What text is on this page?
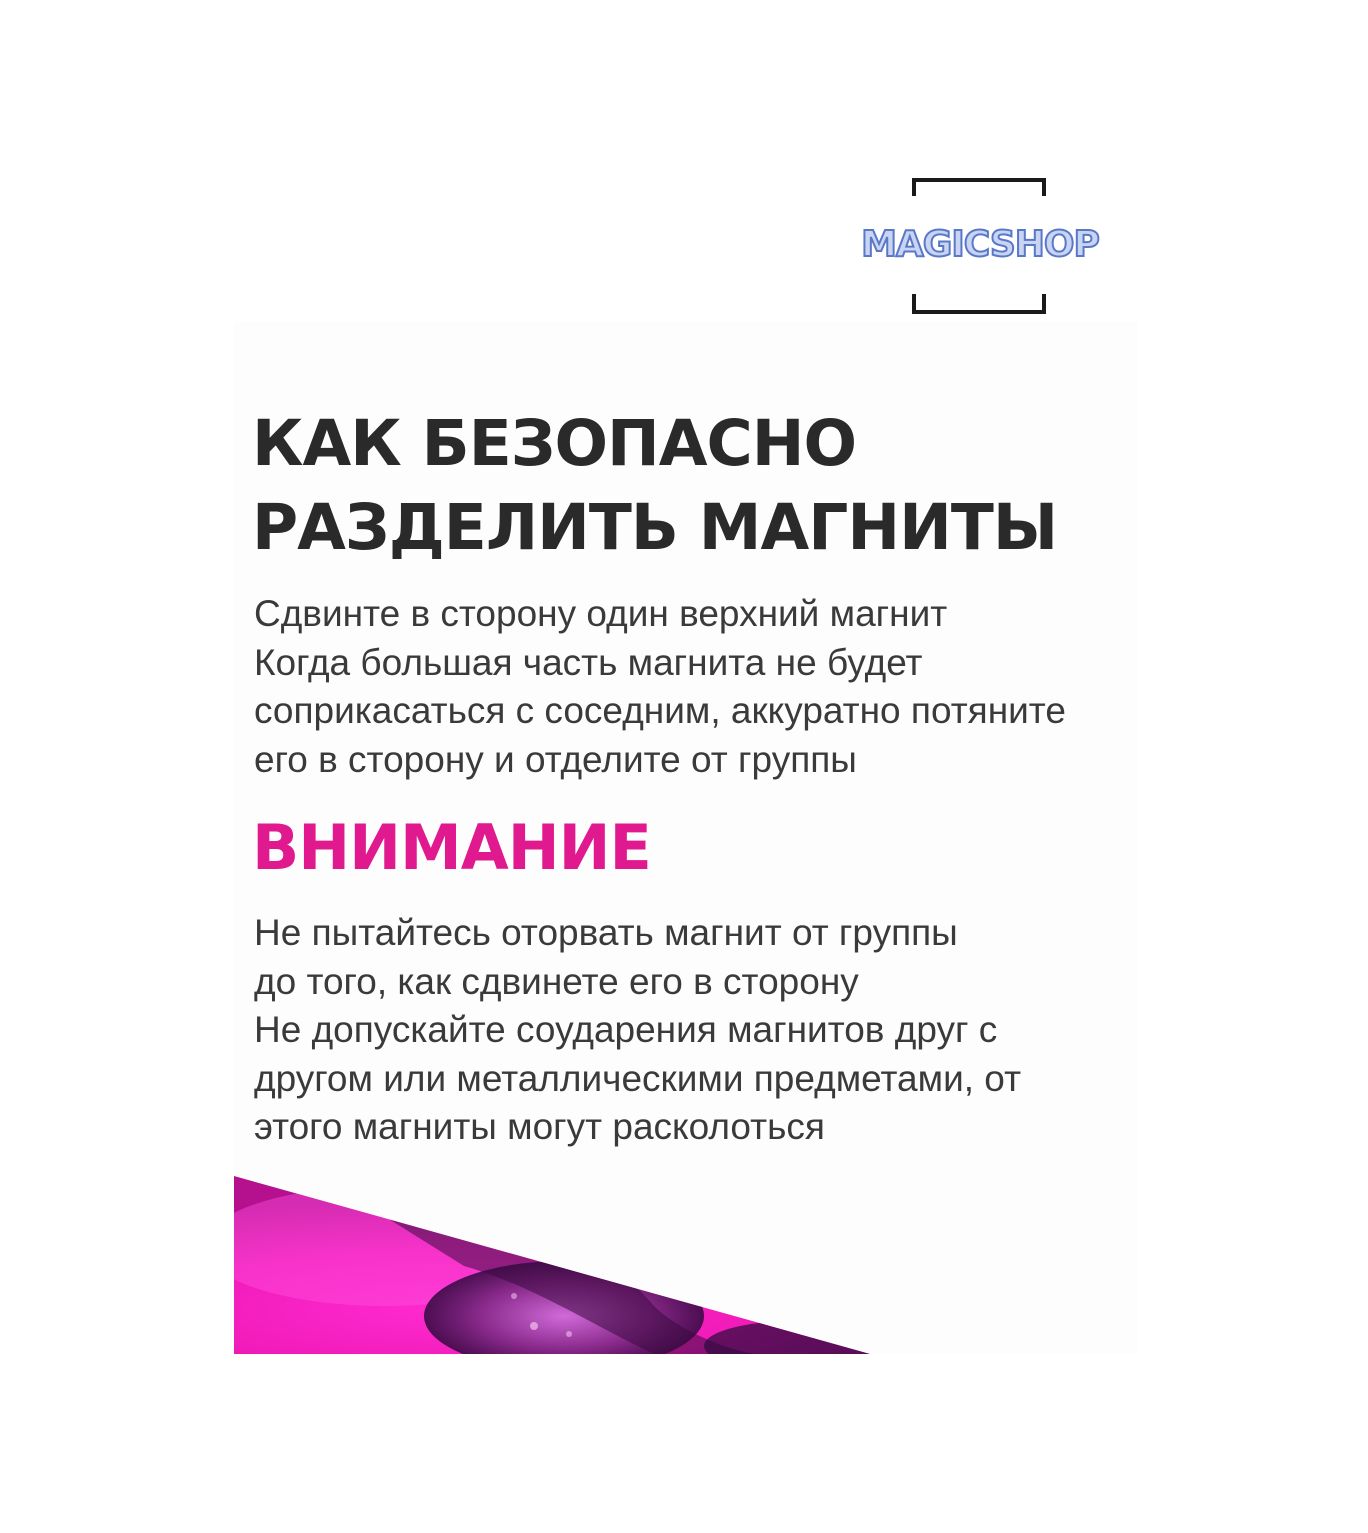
MAGICSHOP
КАК БЕЗОПАСНО
РАЗДЕЛИТЬ МАГНИТЫ

Сдвинте в сторону один верхний магнит
Когда большая часть магнита не будет
соприкасаться с соседним, аккуратно потяните
его в сторону и отделите от группы

ВНИМАНИЕ

Не пытайтесь оторвать магнит от группы
до того, как сдвинете его в сторону
Не допускайте соударения магнитов друг с
другом или металлическими предметами, от
этого магниты могут расколоться
